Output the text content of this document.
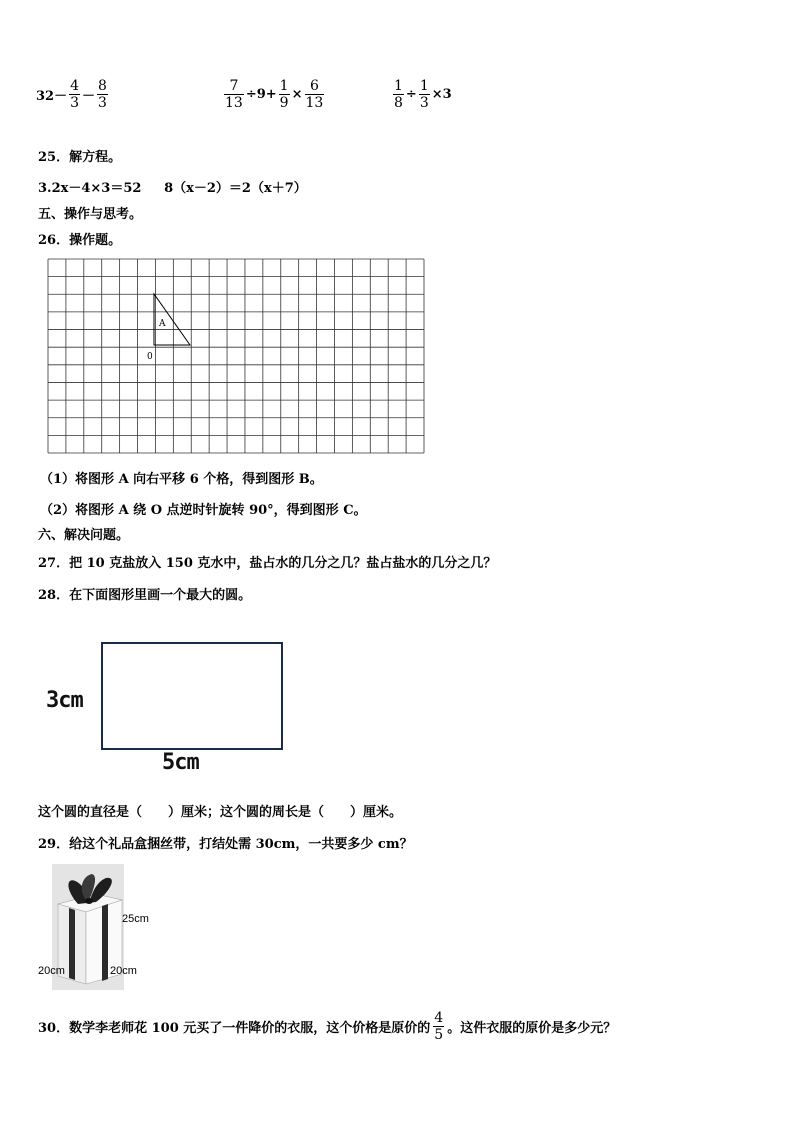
$32- \frac{4}{3} - \frac{8}{3}$	$\frac{7}{13} \div 9+ \frac{1}{9} \times \frac{6}{13}$	$\frac{1}{8} \div \frac{1}{3} \times 3$
25．解方程。
3.2x－4×3＝52     8（x－2）＝2（x＋7）
五、操作与思考。
26．操作题。
A
0
（1）将图形 A 向右平移 6 个格，得到图形 B。
（2）将图形 A 绕 O 点逆时针旋转 90°，得到图形 C。
六、解决问题。
27．把 10 克盐放入 150 克水中，盐占水的几分之几？盐占盐水的几分之几？
28．在下面图形里画一个最大的圆。
3cm
5cm
这个圆的直径是（　　）厘米；这个圆的周长是（　　）厘米。
29．给这个礼品盒捆丝带，打结处需 30cm，一共要多少 cm？
25cm
20cm	20cm
30．数学李老师花 100 元买了一件降价的衣服，这个价格是原价的 $\frac{4}{5}$ 。这件衣服的原价是多少元？
